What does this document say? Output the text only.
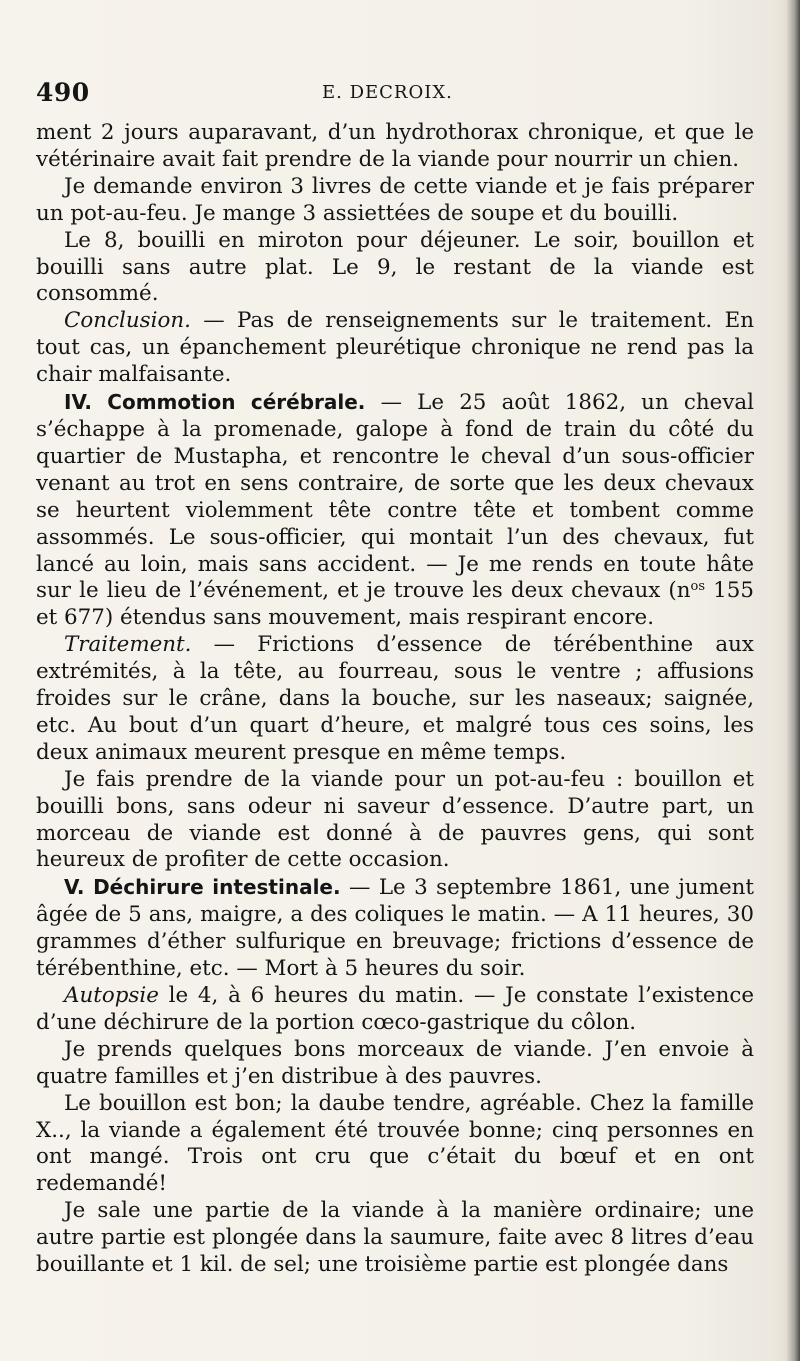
490	E. DECROIX.

ment 2 jours auparavant, d’un hydrothorax chronique, et que le vétérinaire avait fait prendre de la viande pour nourrir un chien.

Je demande environ 3 livres de cette viande et je fais préparer un pot-au-feu. Je mange 3 assiettées de soupe et du bouilli.

Le 8, bouilli en miroton pour déjeuner. Le soir, bouillon et bouilli sans autre plat. Le 9, le restant de la viande est consommé.

Conclusion. — Pas de renseignements sur le traitement. En tout cas, un épanchement pleurétique chronique ne rend pas la chair malfaisante.

IV. Commotion cérébrale. — Le 25 août 1862, un cheval s’échappe à la promenade, galope à fond de train du côté du quartier de Mustapha, et rencontre le cheval d’un sous-officier venant au trot en sens contraire, de sorte que les deux chevaux se heurtent violemment tête contre tête et tombent comme assommés. Le sous-officier, qui montait l’un des chevaux, fut lancé au loin, mais sans accident. — Je me rends en toute hâte sur le lieu de l’événement, et je trouve les deux chevaux ($n^{os}$ 155 et 677) étendus sans mouvement, mais respirant encore.

Traitement. — Frictions d’essence de térébenthine aux extrémités, à la tête, au fourreau, sous le ventre ; affusions froides sur le crâne, dans la bouche, sur les naseaux; saignée, etc. Au bout d’un quart d’heure, et malgré tous ces soins, les deux animaux meurent presque en même temps.

Je fais prendre de la viande pour un pot-au-feu : bouillon et bouilli bons, sans odeur ni saveur d’essence. D’autre part, un morceau de viande est donné à de pauvres gens, qui sont heureux de profiter de cette occasion.

V. Déchirure intestinale. — Le 3 septembre 1861, une jument âgée de 5 ans, maigre, a des coliques le matin. — A 11 heures, 30 grammes d’éther sulfurique en breuvage; frictions d’essence de térébenthine, etc. — Mort à 5 heures du soir.

Autopsie le 4, à 6 heures du matin. — Je constate l’existence d’une déchirure de la portion cœco-gastrique du côlon.

Je prends quelques bons morceaux de viande. J’en envoie à quatre familles et j’en distribue à des pauvres.

Le bouillon est bon; la daube tendre, agréable. Chez la famille X.., la viande a également été trouvée bonne; cinq personnes en ont mangé. Trois ont cru que c’était du bœuf et en ont redemandé!

Je sale une partie de la viande à la manière ordinaire; une autre partie est plongée dans la saumure, faite avec 8 litres d’eau bouillante et 1 kil. de sel; une troisième partie est plongée dans
